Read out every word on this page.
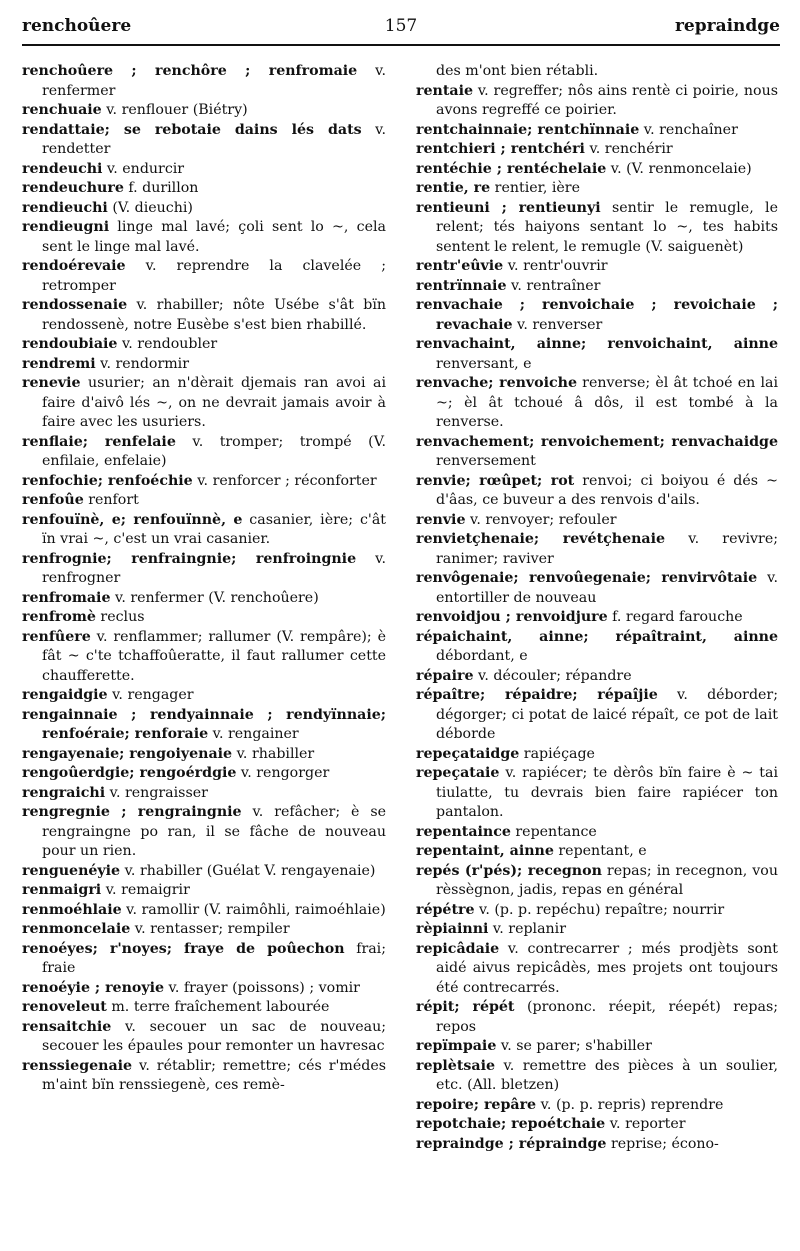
renchoûere	157	repraindge
renchoûere ; renchôre ; renfromaie v. renfermer
renchuaie v. renflouer (Biétry)
rendattaie; se rebotaie dains lés dats v. rendetter
rendeuchi v. endurcir
rendeuchure f. durillon
rendieuchi (V. dieuchi)
rendieugni linge mal lavé; çoli sent lo ~, cela sent le linge mal lavé.
rendoérevaie v. reprendre la clavelée ; retromper
rendossenaie v. rhabiller; nôte Usébe s'ât bïn rendossenè, notre Eusèbe s'est bien rhabillé.
rendoubiaie v. rendoubler
rendremi v. rendormir
renevie usurier; an n'dèrait djemais ran avoi ai faire d'aivô lés ~, on ne devrait jamais avoir à faire avec les usuriers.
renflaie; renfelaie v. tromper; trompé (V. enfilaie, enfelaie)
renfochie; renfoéchie v. renforcer ; réconforter
renfoûe renfort
renfouïnè, e; renfouïnnè, e casanier, ière; c'ât ïn vrai ~, c'est un vrai casanier.
renfrognie; renfraingnie; renfroingnie v. renfrogner
renfromaie v. renfermer (V. renchoûere)
renfromè reclus
renfûere v. renflammer; rallumer (V. rempâre); è fât ~ c'te tchaffoûeratte, il faut rallumer cette chaufferette.
rengaidgie v. rengager
rengainnaie ; rendyainnaie ; rendyïnnaie; renfoéraie; renforaie v. rengainer
rengayenaie; rengoiyenaie v. rhabiller
rengoûerdgie; rengoérdgie v. rengorger
rengraichi v. rengraisser
rengregnie ; rengraingnie v. refâcher; è se rengraingne po ran, il se fâche de nouveau pour un rien.
renguenéyie v. rhabiller (Guélat V. rengayenaie)
renmaigri v. remaigrir
renmoéhlaie v. ramollir (V. raimôhli, raimoéhlaie)
renmoncelaie v. rentasser; rempiler
renoéyes; r'noyes; fraye de poûechon frai; fraie
renoéyie ; renoyie v. frayer (poissons) ; vomir
renoveleut m. terre fraîchement labourée
rensaitchie v. secouer un sac de nouveau; secouer les épaules pour remonter un havresac
renssiegenaie v. rétablir; remettre; cés r'médes m'aint bïn renssiegenè, ces remè-
des m'ont bien rétabli.
rentaie v. regreffer; nôs ains rentè ci poirie, nous avons regreffé ce poirier.
rentchainnaie; rentchïnnaie v. renchaîner
rentchieri ; rentchéri v. renchérir
rentéchie ; rentéchelaie v. (V. renmoncelaie)
rentie, re rentier, ière
rentieuni ; rentieunyi sentir le remugle, le relent; tés haiyons sentant lo ~, tes habits sentent le relent, le remugle (V. saiguenèt)
rentr'eûvie v. rentr'ouvrir
rentrïnnaie v. rentraîner
renvachaie ; renvoichaie ; revoichaie ; revachaie v. renverser
renvachaint, ainne; renvoichaint, ainne renversant, e
renvache; renvoiche renverse; èl ât tchoé en lai ~; èl ât tchoué â dôs, il est tombé à la renverse.
renvachement; renvoichement; renvachaidge renversement
renvie; rœûpet; rot renvoi; ci boiyou é dés ~ d'âas, ce buveur a des renvois d'ails.
renvie v. renvoyer; refouler
renvietçhenaie; revétçhenaie v. revivre; ranimer; raviver
renvôgenaie; renvoûegenaie; renvirvôtaie v. entortiller de nouveau
renvoidjou ; renvoidjure f. regard farouche
répaichaint, ainne; répaîtraint, ainne débordant, e
répaire v. découler; répandre
répaître; répaidre; répaîjie v. déborder; dégorger; ci potat de laicé répaît, ce pot de lait déborde
repeçataidge rapiéçage
repeçataie v. rapiécer; te dèrôs bïn faire è ~ tai tiulatte, tu devrais bien faire rapiécer ton pantalon.
repentaince repentance
repentaint, ainne repentant, e
repés (r'pés); recegnon repas; in recegnon, vou rèssègnon, jadis, repas en général
répétre v. (p. p. repéchu) repaître; nourrir
rèpiainni v. replanir
repicâdaie v. contrecarrer ; més prodjèts sont aidé aivus repicâdès, mes projets ont toujours été contrecarrés.
répit; répét (prononc. réepit, réepét) repas; repos
repïmpaie v. se parer; s'habiller
replètsaie v. remettre des pièces à un soulier, etc. (All. bletzen)
repoire; repâre v. (p. p. repris) reprendre
repotchaie; repoétchaie v. reporter
repraindge ; répraindge reprise; écono-
